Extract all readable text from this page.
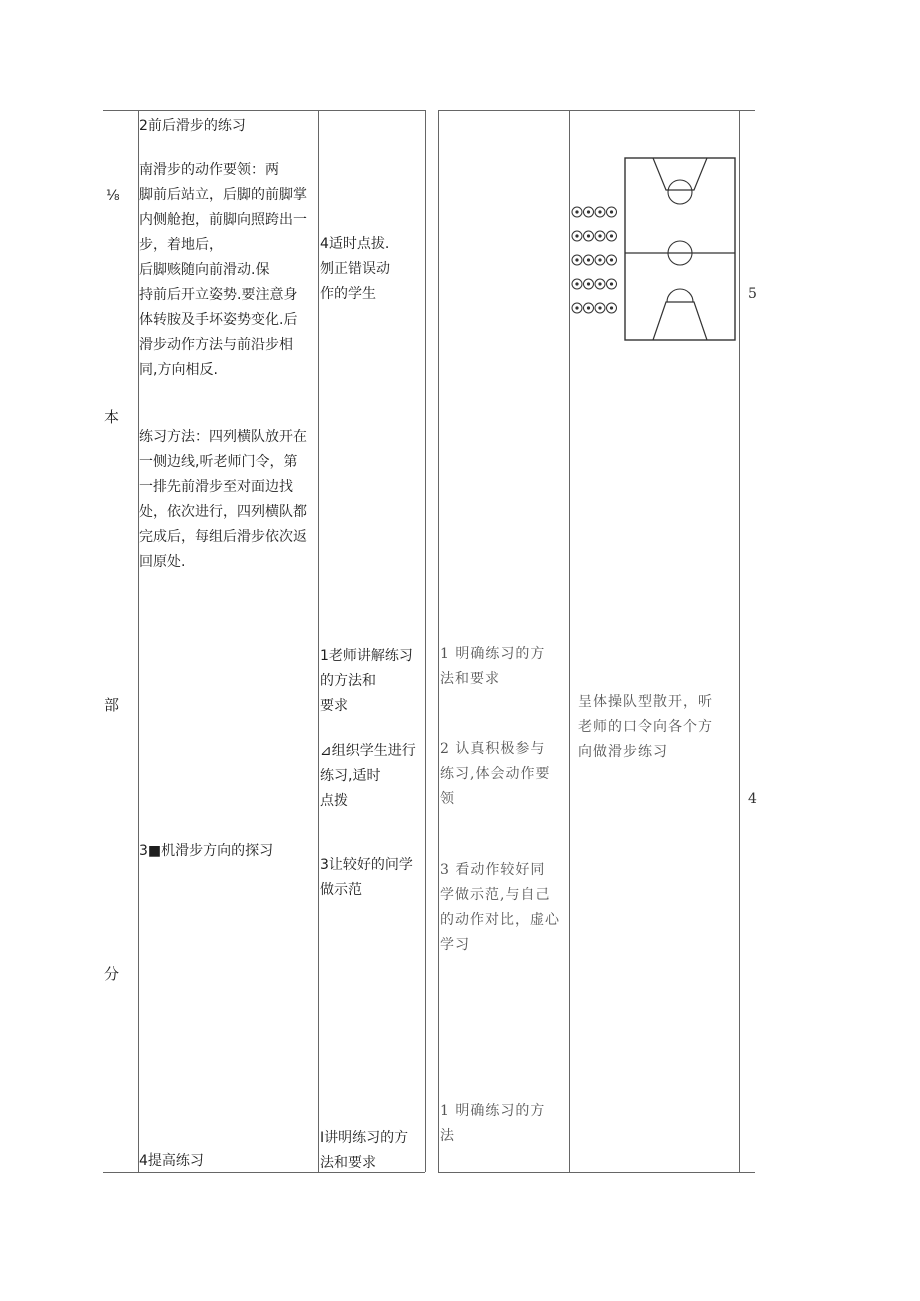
⅛
本
部
分
2前后滑步的练习
南滑步的动作要领：两
脚前后站立，后脚的前脚掌
内侧舱抱，前脚向照跨出一
步，着地后，
后脚赅随向前滑动.保
持前后开立姿势.要注意身
体转胺及手坏姿势变化.后
滑步动作方法与前沿步相
同,方向相反.
练习方法：四列横队放开在
一侧边线,听老师门令，第
一排先前滑步至对面边找
处，依次进行，四列横队都
完成后，每组后滑步依次返
回原处.
3■机滑步方向的探习
4提高练习
4适时点拔.
刎正错误动
作的学生
1老师讲解练习
的方法和
要求
⊿组织学生进行
练习,适时
点拨
3让较好的问学
做示范
I讲明练习的方
法和要求
1 明确练习的方
法和要求
2 认真积极参与
练习,体会动作要
领
3 看动作较好同
学做示范,与自己
的动作对比，虚心
学习
1 明确练习的方
法
呈体操队型散开，听
老师的口令向各个方
向做滑步练习
5
4
